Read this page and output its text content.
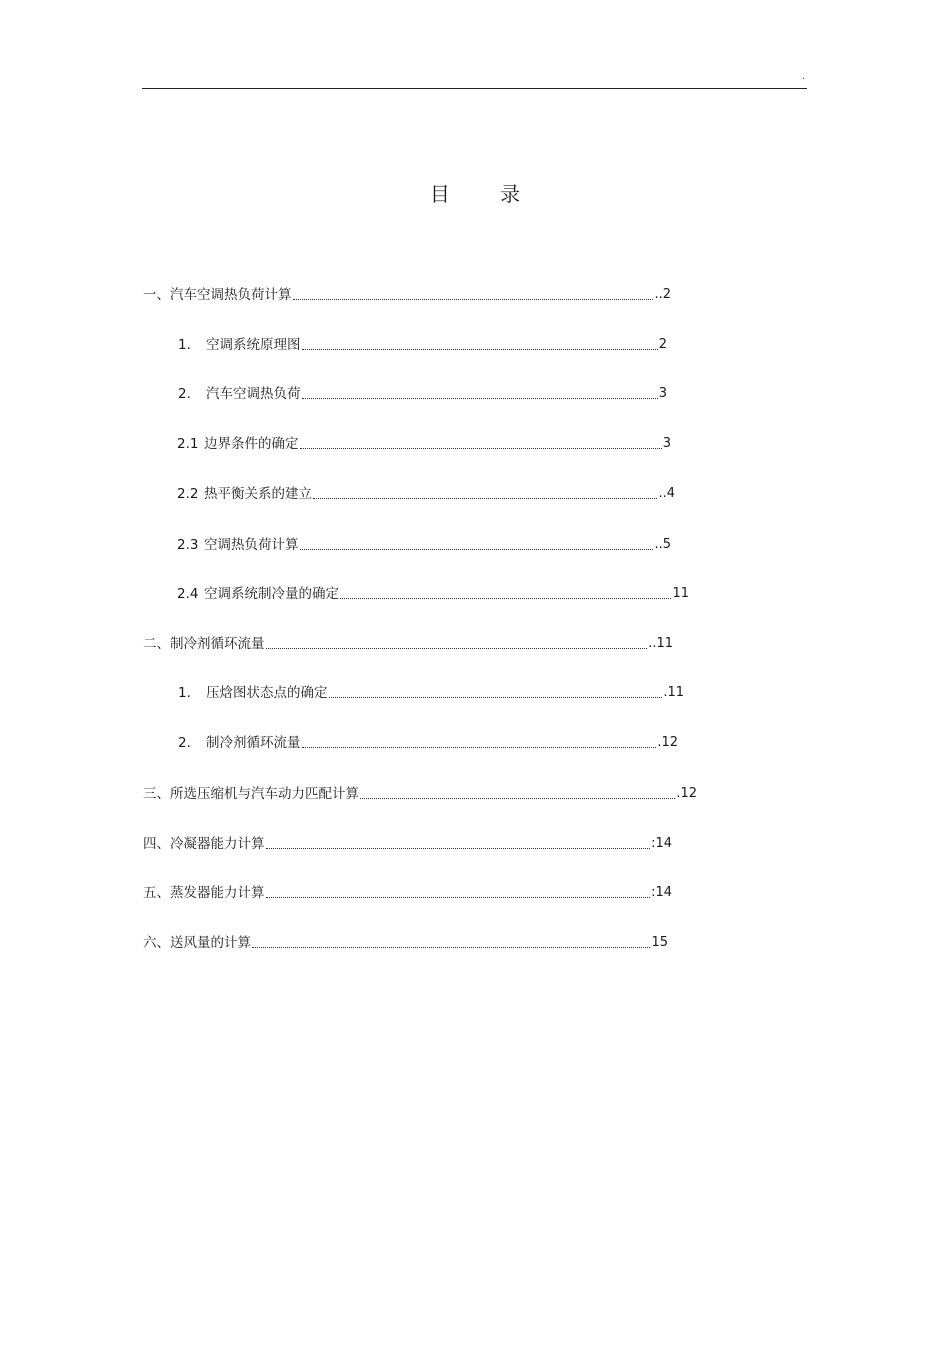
.
目 录
一、 汽车空调热负荷计算	..2
1.	空调系统原理图	2
2.	汽车空调热负荷	3
2.1 边界条件的确定	3
2.2 热平衡关系的建立	..4
2.3 空调热负荷计算	..5
2.4 空调系统制冷量的确定	11
二、 制冷剂循环流量	..11
1.	压焓图状态点的确定	.11
2.	制冷剂循环流量	.12
三、 所选压缩机与汽车动力匹配计算	.12
四、 冷凝器能力计算	:14
五、 蒸发器能力计算	:14
六、 送风量的计算	15
